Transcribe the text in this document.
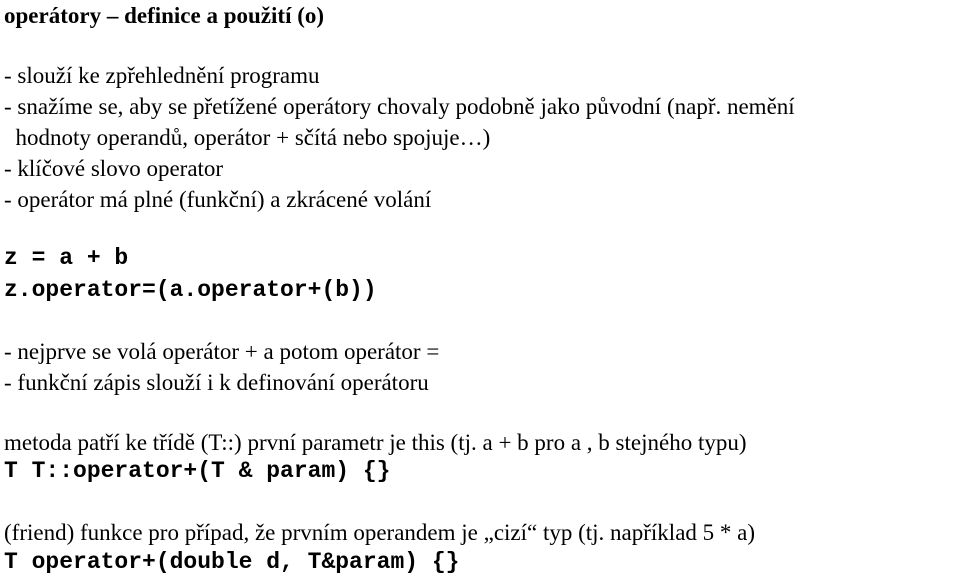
operátory – definice a použití (o)
- slouží ke zpřehlednění programu
- snažíme se, aby se přetížené operátory chovaly podobně jako původní (např. nemění
hodnoty operandů, operátor + sčítá nebo spojuje…)
- klíčové slovo operator
- operátor má plné (funkční) a zkrácené volání
z = a + b
z.operator=(a.operator+(b))
- nejprve se volá operátor + a potom operátor =
- funkční zápis slouží i k definování operátoru
metoda patří ke třídě (T::) první parametr je this (tj. a + b pro a , b stejného typu)
T T::operator+(T & param) {}
(friend) funkce pro případ, že prvním operandem je „cizí“ typ (tj. například 5 * a)
T operator+(double d, T&param) {}
